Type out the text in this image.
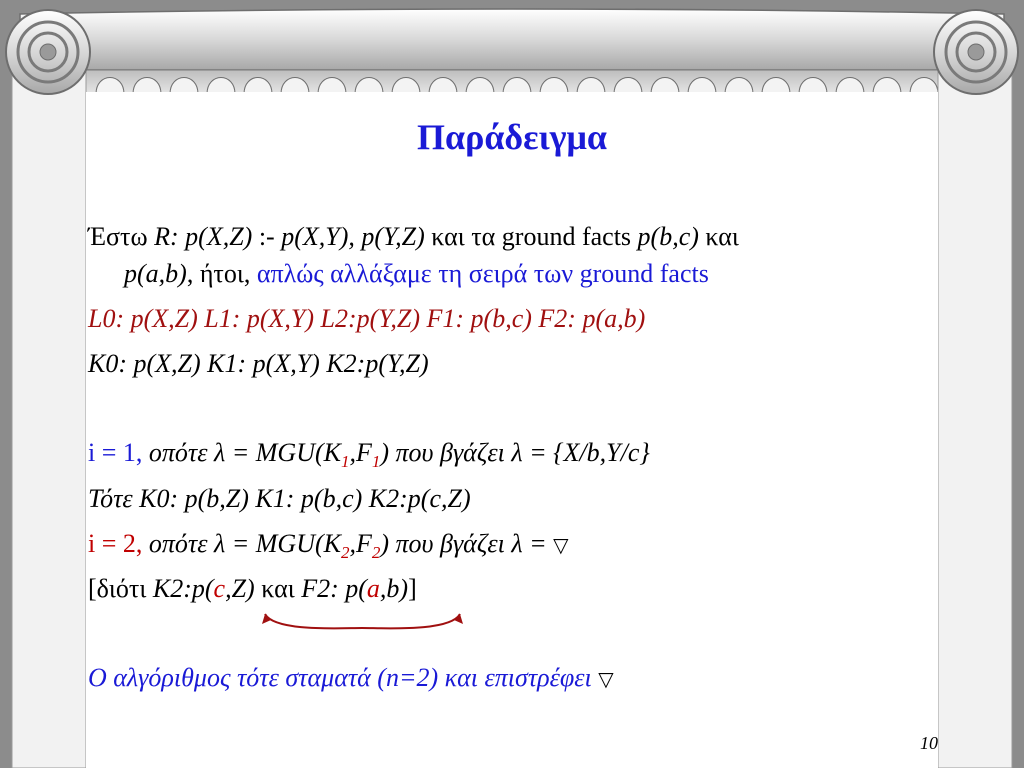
Παράδειγμα
Έστω R: p(X,Z) :- p(X,Y), p(Y,Z) και τα ground facts p(b,c) και
p(a,b), ήτοι, απλώς αλλάξαμε τη σειρά των ground facts
L0: p(X,Z) L1: p(X,Y) L2:p(Y,Z) F1: p(b,c) F2: p(a,b)
K0: p(X,Z) K1: p(X,Y) K2:p(Y,Z)
i = 1, οπότε $\lambda = MGU(K_1,F_1)$ που βγάζει λ = {X/b,Y/c}
Τότε K0: p(b,Z) K1: p(b,c) K2:p(c,Z)
i = 2, οπότε $\lambda = MGU(K_2,F_2)$ που βγάζει λ = ▽
[διότι K2:p(c,Z) και F2: p(a,b)]
Ο αλγόριθμος τότε σταματά (n=2) και επιστρέφει ▽
10
